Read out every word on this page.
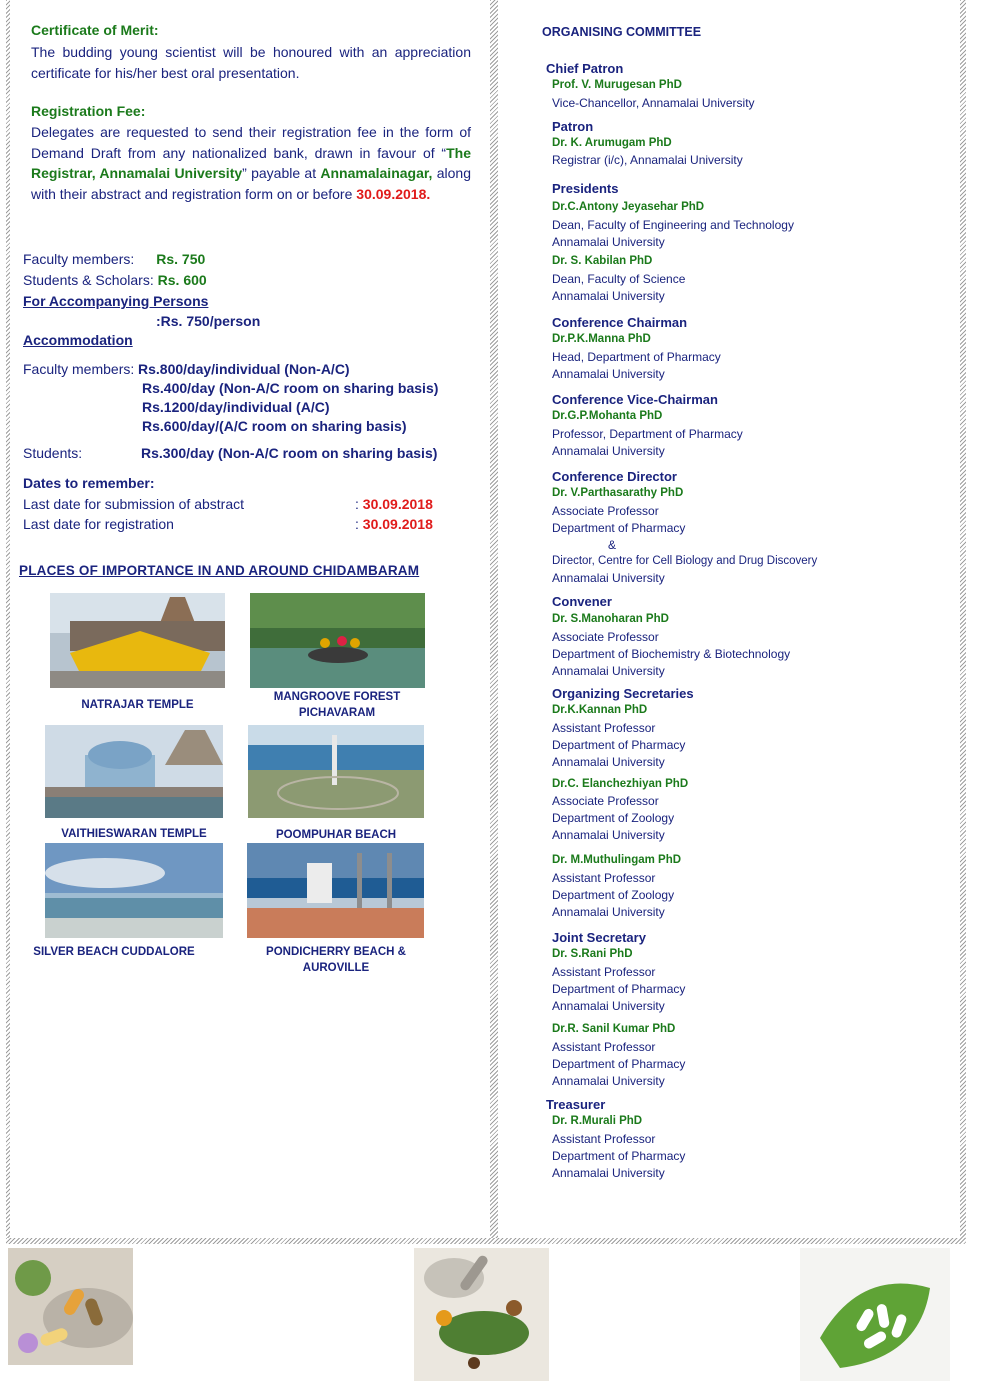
Certificate of Merit:
The budding young scientist will be honoured with an appreciation certificate for his/her best oral presentation.
Registration Fee:
Delegates are requested to send their registration fee in the form of Demand Draft from any nationalized bank, drawn in favour of “The Registrar, Annamalai University” payable at Annamalainagar, along with their abstract and registration form on or before 30.09.2018.
Faculty members: Rs. 750
Students & Scholars: Rs. 600
For Accompanying Persons
:Rs. 750/person
Accommodation
Faculty members: Rs.800/day/individual (Non-A/C)
Rs.400/day (Non-A/C room on sharing basis)
Rs.1200/day/individual (A/C)
Rs.600/day/(A/C room on sharing basis)
Students:	Rs.300/day (Non-A/C room on sharing basis)
Dates to remember:
Last date for submission of abstract	: 30.09.2018
Last date for registration	: 30.09.2018
PLACES OF IMPORTANCE IN AND AROUND CHIDAMBARAM
NATRAJAR TEMPLE
MANGROOVE FOREST PICHAVARAM
VAITHIESWARAN TEMPLE	POOMPUHAR BEACH
SILVER BEACH CUDDALORE	PONDICHERRY BEACH & AUROVILLE
ORGANISING COMMITTEE
Chief Patron
Prof. V. Murugesan PhD
Vice-Chancellor, Annamalai University
Patron
Dr. K. Arumugam PhD
Registrar (i/c), Annamalai University
Presidents
Dr.C.Antony Jeyasehar PhD
Dean, Faculty of Engineering and Technology
Annamalai University
Dr. S. Kabilan PhD
Dean, Faculty of Science
Annamalai University
Conference Chairman
Dr.P.K.Manna PhD
Head, Department of Pharmacy
Annamalai University
Conference Vice-Chairman
Dr.G.P.Mohanta PhD
Professor, Department of Pharmacy
Annamalai University
Conference Director
Dr. V.Parthasarathy PhD
Associate Professor
Department of Pharmacy
&
Director, Centre for Cell Biology and Drug Discovery
Annamalai University
Convener
Dr. S.Manoharan PhD
Associate Professor
Department of Biochemistry & Biotechnology
Annamalai University
Organizing Secretaries
Dr.K.Kannan PhD
Assistant Professor
Department of Pharmacy
Annamalai University
Dr.C. Elanchezhiyan PhD
Associate Professor
Department of Zoology
Annamalai University
Dr. M.Muthulingam PhD
Assistant Professor
Department of Zoology
Annamalai University
Joint Secretary
Dr. S.Rani PhD
Assistant Professor
Department of Pharmacy
Annamalai University
Dr.R. Sanil Kumar PhD
Assistant Professor
Department of Pharmacy
Annamalai University
Treasurer
Dr. R.Murali PhD
Assistant Professor
Department of Pharmacy
Annamalai University
